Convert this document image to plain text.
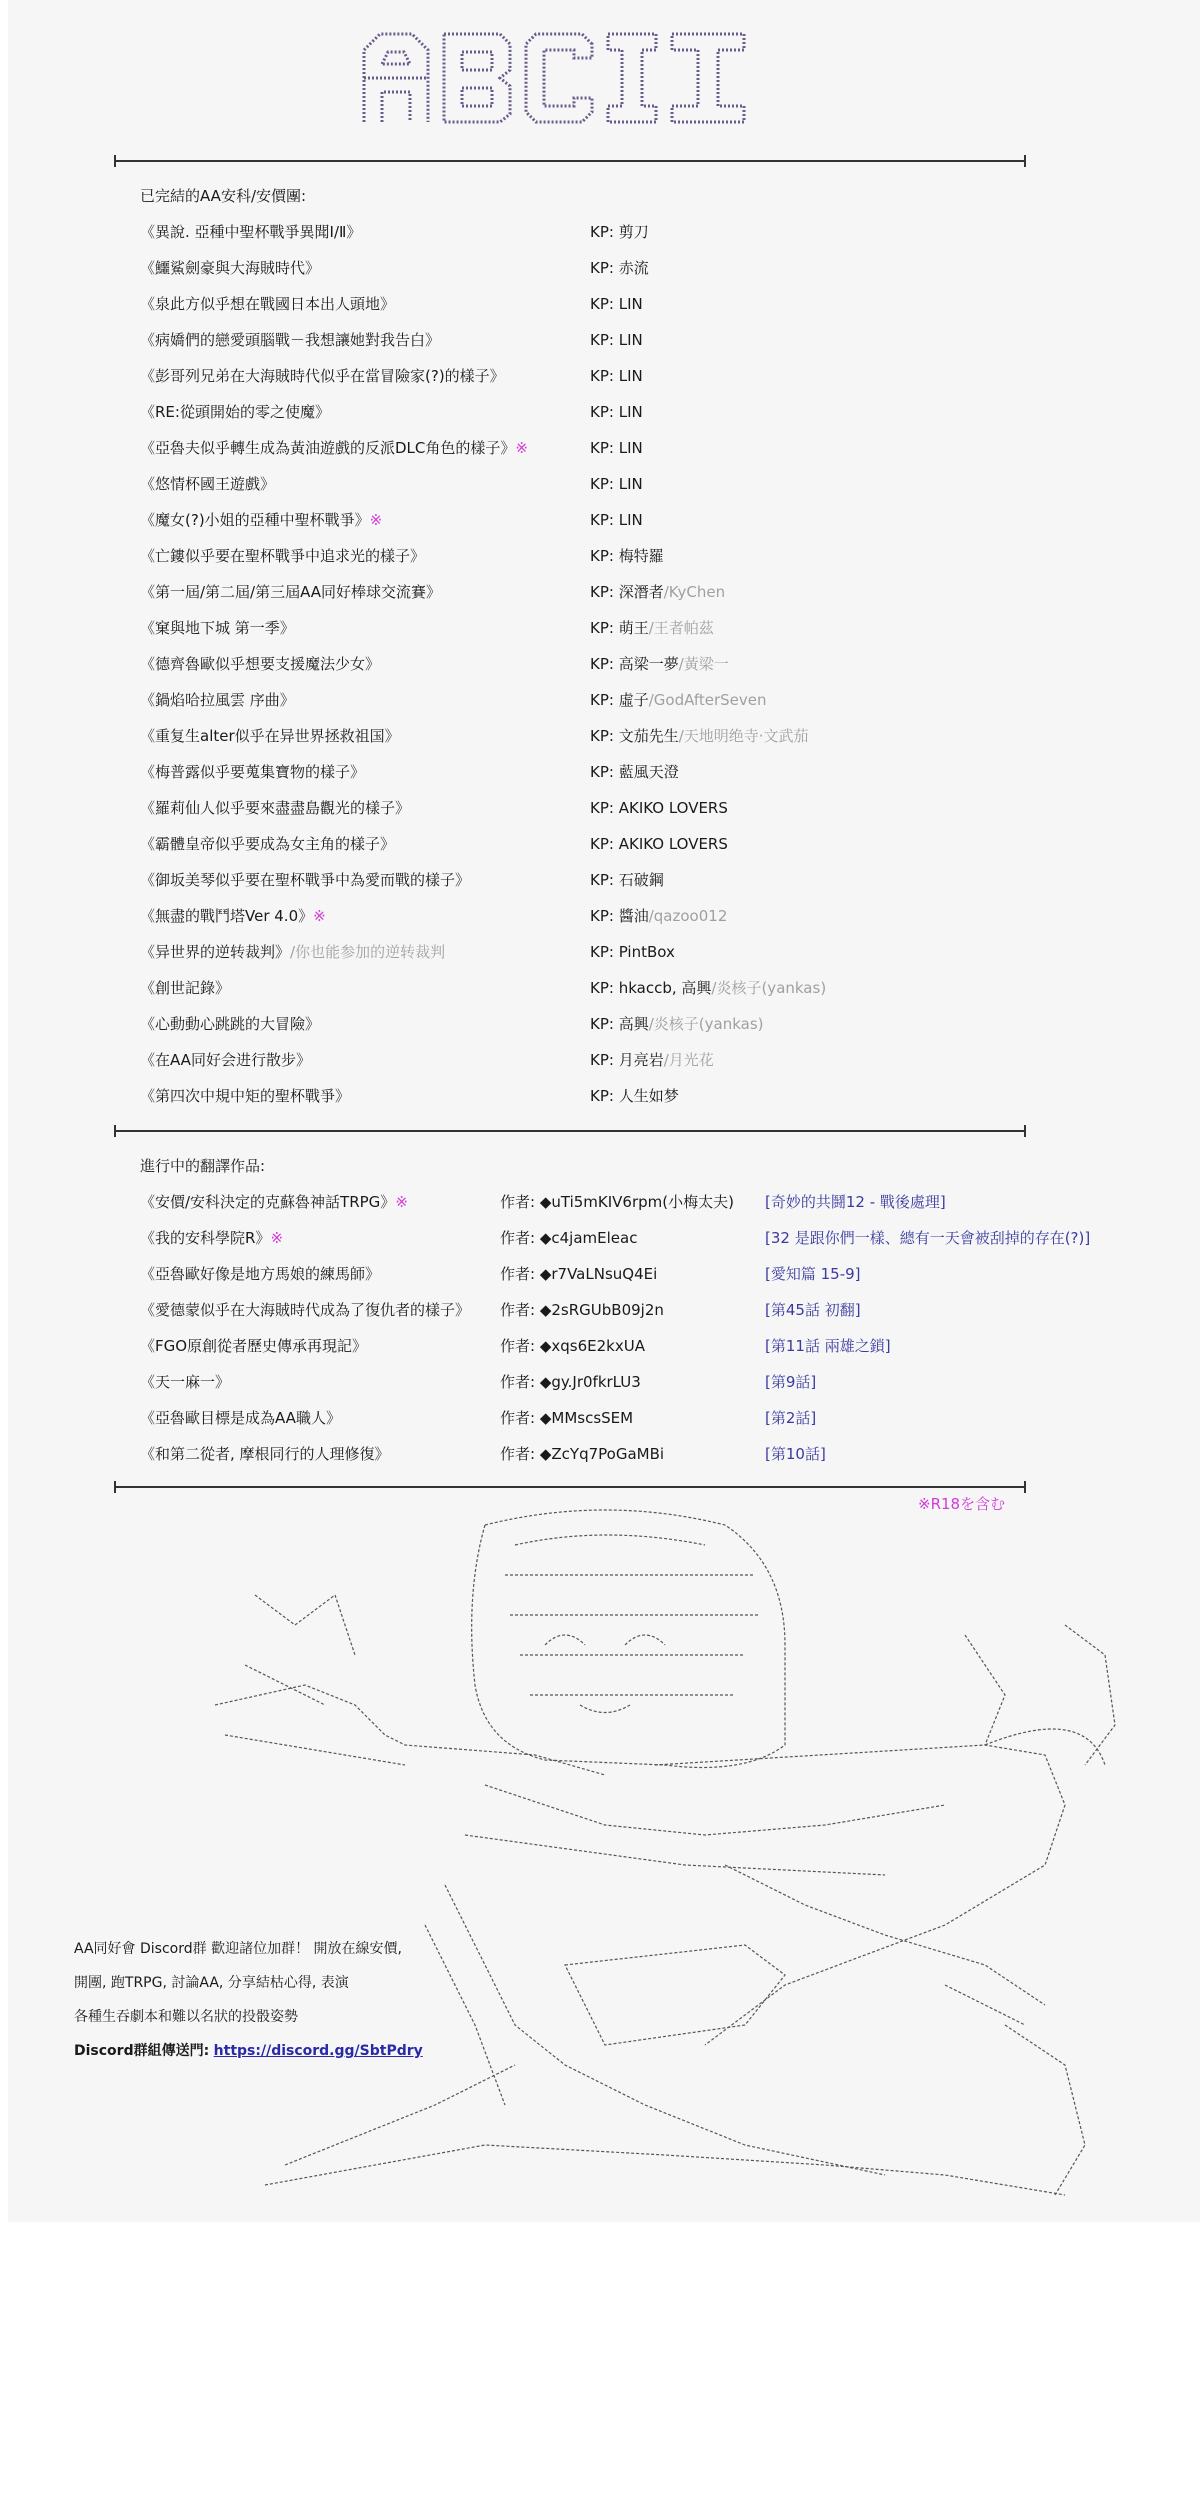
已完結的AA安科/安價團:
《異說. 亞種中聖杯戰爭異聞Ⅰ/Ⅱ》	KP: 剪刀
《鱷鯊劍豪與大海賊時代》	KP: 赤流
《泉此方似乎想在戰國日本出人頭地》	KP: LIN
《病嬌們的戀愛頭腦戰－我想讓她對我告白》	KP: LIN
《彭哥列兄弟在大海賊時代似乎在當冒險家(?)的樣子》	KP: LIN
《RE:從頭開始的零之使魔》	KP: LIN
《亞魯夫似乎轉生成為黃油遊戲的反派DLC角色的樣子》※	KP: LIN
《悠情杯國王遊戲》	KP: LIN
《魔女(?)小姐的亞種中聖杯戰爭》※	KP: LIN
《亡鏤似乎要在聖杯戰爭中追求光的樣子》	KP: 梅特羅
《第一屆/第二屆/第三屆AA同好棒球交流賽》	KP: 深潛者/KyChen
《窠與地下城 第一季》	KP: 萌王/王者帕茲
《德齊魯歐似乎想要支援魔法少女》	KP: 高梁一夢/黃梁一
《鍋焰哈拉風雲 序曲》	KP: 虛子/GodAfterSeven
《重复生alter似乎在异世界拯救祖国》	KP: 文茄先生/天地明绝寺·文武茄
《梅普露似乎要蒐集寶物的樣子》	KP: 藍風天澄
《羅莉仙人似乎要來盡盡島觀光的樣子》	KP: AKIKO LOVERS
《霸體皇帝似乎要成為女主角的樣子》	KP: AKIKO LOVERS
《御坂美琴似乎要在聖杯戰爭中為愛而戰的樣子》	KP: 石破鋼
《無盡的戰鬥塔Ver 4.0》※	KP: 醬油/qazoo012
《异世界的逆转裁判》/你也能参加的逆转裁判	KP: PintBox
《創世記錄》	KP: hkaccb, 高興/炎核子(yankas)
《心動動心跳跳的大冒險》	KP: 高興/炎核子(yankas)
《在AA同好会进行散步》	KP: 月亮岩/月光花
《第四次中規中矩的聖杯戰爭》	KP: 人生如梦
進行中的翻譯作品:
《安價/安科決定的克蘇魯神話TRPG》※	作者: ◆uTi5mKIV6rpm(小梅太夫)	[奇妙的共鬪12 - 戰後處理]
《我的安科學院R》※	作者: ◆c4jamEleac	[32 是跟你們一樣、總有一天會被刮掉的存在(?)]
《亞魯歐好像是地方馬娘的練馬師》	作者: ◆r7VaLNsuQ4Ei	[愛知篇 15-9]
《愛德蒙似乎在大海賊時代成為了復仇者的樣子》	作者: ◆2sRGUbB09j2n	[第45話 初翻]
《FGO原創從者歷史傳承再現記》	作者: ◆xqs6E2kxUA	[第11話 兩雄之鎖]
《天一麻一》	作者: ◆gy.Jr0fkrLU3	[第9話]
《亞魯歐目標是成為AA職人》	作者: ◆MMscsSEM	[第2話]
《和第二從者, 摩根同行的人理修復》	作者: ◆ZcYq7PoGaMBi	[第10話]
※R18を含む
AA同好會 Discord群 歡迎諸位加群！ 開放在線安價,
開團, 跑TRPG, 討論AA, 分享結枯心得, 表演
各種生吞劇本和難以名狀的投骰姿勢
Discord群組傳送門: https://discord.gg/SbtPdry
